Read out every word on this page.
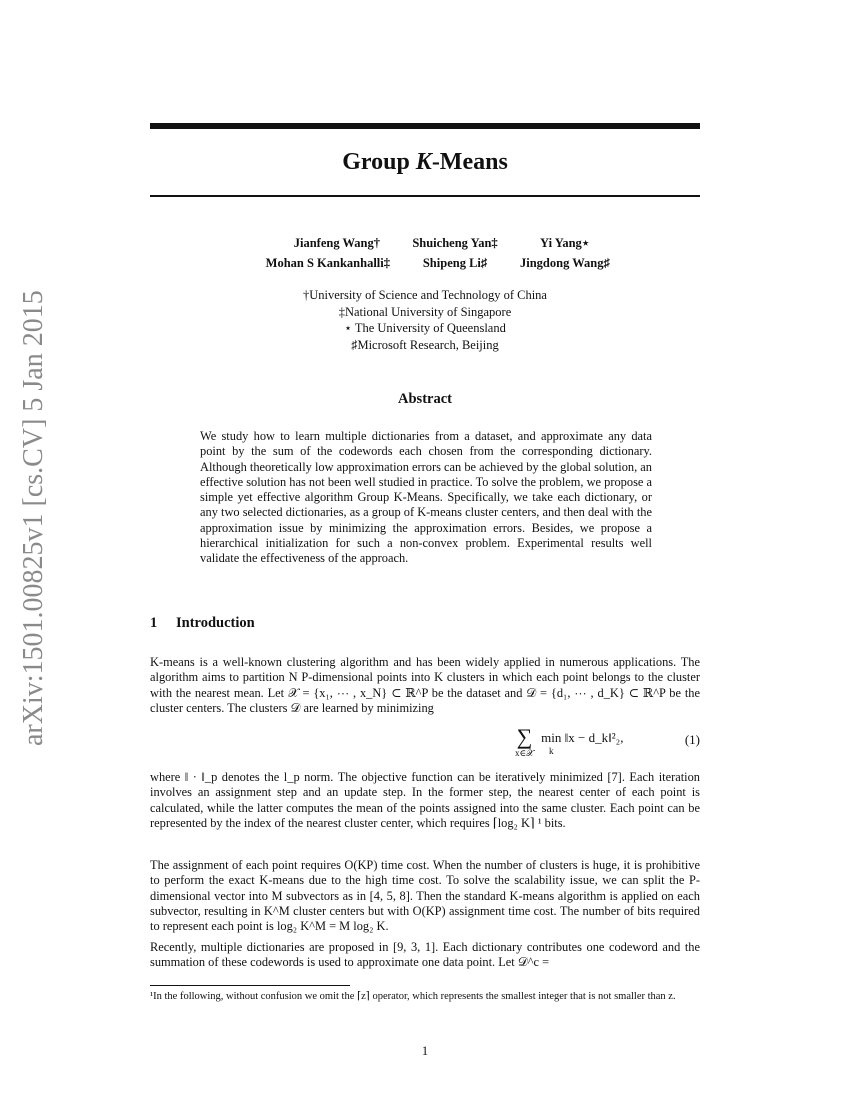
arXiv:1501.00825v1 [cs.CV] 5 Jan 2015
Group K-Means
Jianfeng Wang†	Shuicheng Yan‡	Yi Yang⋆
Mohan S Kankanhalli‡	Shipeng Li♯	Jingdong Wang♯
†University of Science and Technology of China
‡National University of Singapore
⋆ The University of Queensland
♯Microsoft Research, Beijing
Abstract
We study how to learn multiple dictionaries from a dataset, and approximate any data point by the sum of the codewords each chosen from the corresponding dictionary. Although theoretically low approximation errors can be achieved by the global solution, an effective solution has not been well studied in practice. To solve the problem, we propose a simple yet effective algorithm Group K-Means. Specifically, we take each dictionary, or any two selected dictionaries, as a group of K-means cluster centers, and then deal with the approximation issue by minimizing the approximation errors. Besides, we propose a hierarchical initialization for such a non-convex problem. Experimental results well validate the effectiveness of the approach.
1 Introduction
K-means is a well-known clustering algorithm and has been widely applied in numerous applications. The algorithm aims to partition N P-dimensional points into K clusters in which each point belongs to the cluster with the nearest mean. Let 𝒳 = {x₁, ⋯ , x_N} ⊂ ℝ^P be the dataset and 𝒟 = {d₁, ⋯ , d_K} ⊂ ℝ^P be the cluster centers. The clusters 𝒟 are learned by minimizing
∑
x∈𝒳
min
k
‖x − d_k‖²₂,	(1)
where ‖ · ‖_p denotes the l_p norm. The objective function can be iteratively minimized [7]. Each iteration involves an assignment step and an update step. In the former step, the nearest center of each point is calculated, while the latter computes the mean of the points assigned into the same cluster. Each point can be represented by the index of the nearest cluster center, which requires ⌈log₂ K⌉ ¹ bits.
The assignment of each point requires O(KP) time cost. When the number of clusters is huge, it is prohibitive to perform the exact K-means due to the high time cost. To solve the scalability issue, we can split the P-dimensional vector into M subvectors as in [4, 5, 8]. Then the standard K-means algorithm is applied on each subvector, resulting in K^M cluster centers but with O(KP) assignment time cost. The number of bits required to represent each point is log₂ K^M = M log₂ K.
Recently, multiple dictionaries are proposed in [9, 3, 1]. Each dictionary contributes one codeword and the summation of these codewords is used to approximate one data point. Let 𝒟^c =
¹In the following, without confusion we omit the ⌈z⌉ operator, which represents the smallest integer that is not smaller than z.
1
